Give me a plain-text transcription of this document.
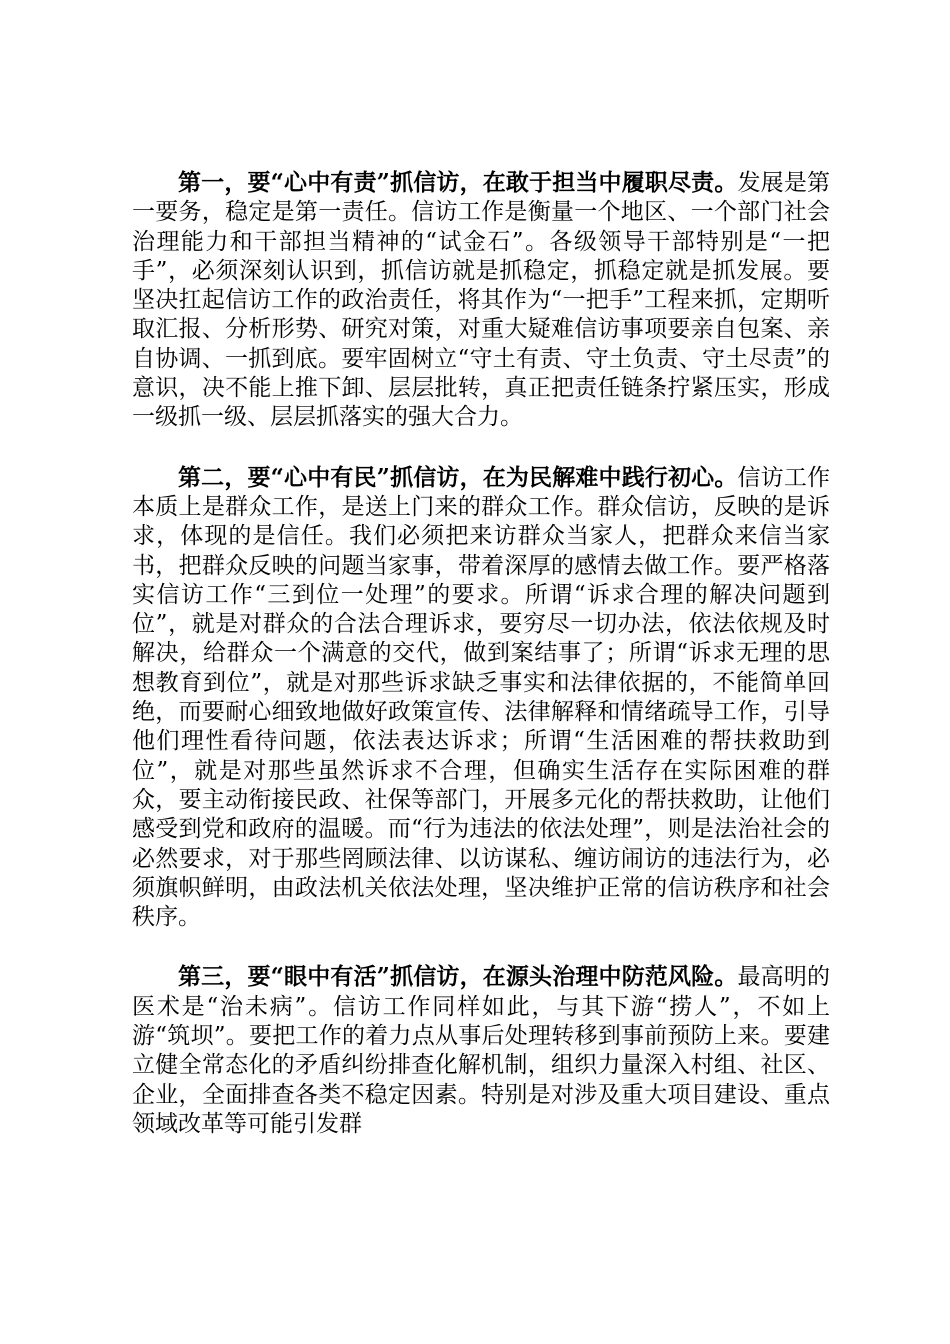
第一，要“心中有责”抓信访，在敢于担当中履职尽责。发展是第一要务，稳定是第一责任。信访工作是衡量一个地区、一个部门社会治理能力和干部担当精神的“试金石”。各级领导干部特别是“一把手”，必须深刻认识到，抓信访就是抓稳定，抓稳定就是抓发展。要坚决扛起信访工作的政治责任，将其作为“一把手”工程来抓，定期听取汇报、分析形势、研究对策，对重大疑难信访事项要亲自包案、亲自协调、一抓到底。要牢固树立“守土有责、守土负责、守土尽责”的意识，决不能上推下卸、层层批转，真正把责任链条拧紧压实，形成一级抓一级、层层抓落实的强大合力。

第二，要“心中有民”抓信访，在为民解难中践行初心。信访工作本质上是群众工作，是送上门来的群众工作。群众信访，反映的是诉求，体现的是信任。我们必须把来访群众当家人，把群众来信当家书，把群众反映的问题当家事，带着深厚的感情去做工作。要严格落实信访工作“三到位一处理”的要求。所谓“诉求合理的解决问题到位”，就是对群众的合法合理诉求，要穷尽一切办法，依法依规及时解决，给群众一个满意的交代，做到案结事了；所谓“诉求无理的思想教育到位”，就是对那些诉求缺乏事实和法律依据的，不能简单回绝，而要耐心细致地做好政策宣传、法律解释和情绪疏导工作，引导他们理性看待问题，依法表达诉求；所谓“生活困难的帮扶救助到位”，就是对那些虽然诉求不合理，但确实生活存在实际困难的群众，要主动衔接民政、社保等部门，开展多元化的帮扶救助，让他们感受到党和政府的温暖。而“行为违法的依法处理”，则是法治社会的必然要求，对于那些罔顾法律、以访谋私、缠访闹访的违法行为，必须旗帜鲜明，由政法机关依法处理，坚决维护正常的信访秩序和社会秩序。

第三，要“眼中有活”抓信访，在源头治理中防范风险。最高明的医术是“治未病”。信访工作同样如此，与其下游“捞人”，不如上游“筑坝”。要把工作的着力点从事后处理转移到事前预防上来。要建立健全常态化的矛盾纠纷排查化解机制，组织力量深入村组、社区、企业，全面排查各类不稳定因素。特别是对涉及重大项目建设、重点领域改革等可能引发群
